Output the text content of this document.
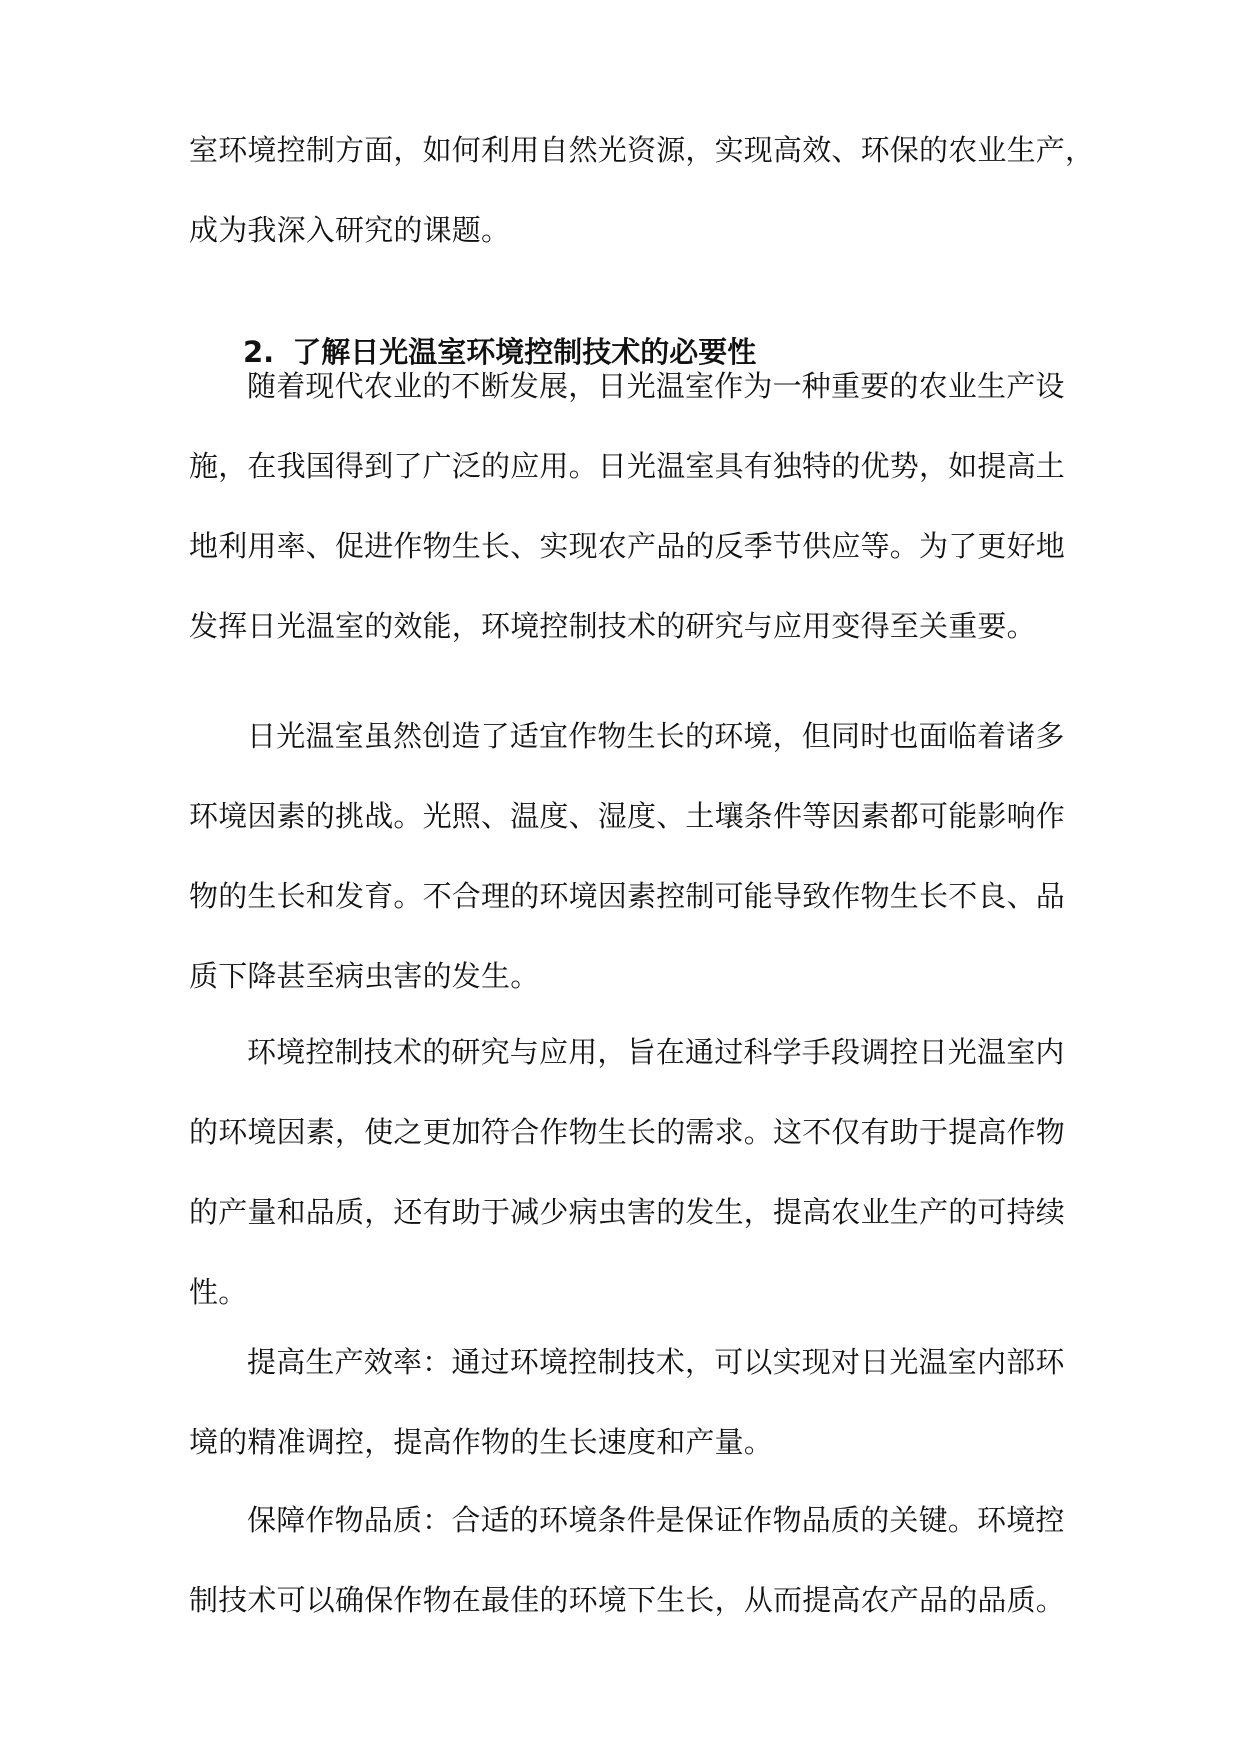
室环境控制方面，如何利用自然光资源，实现高效、环保的农业生产，
成为我深入研究的课题。
2. 了解日光温室环境控制技术的必要性
随着现代农业的不断发展，日光温室作为一种重要的农业生产设
施，在我国得到了广泛的应用。日光温室具有独特的优势，如提高土
地利用率、促进作物生长、实现农产品的反季节供应等。为了更好地
发挥日光温室的效能，环境控制技术的研究与应用变得至关重要。
日光温室虽然创造了适宜作物生长的环境，但同时也面临着诸多
环境因素的挑战。光照、温度、湿度、土壤条件等因素都可能影响作
物的生长和发育。不合理的环境因素控制可能导致作物生长不良、品
质下降甚至病虫害的发生。
环境控制技术的研究与应用，旨在通过科学手段调控日光温室内
的环境因素，使之更加符合作物生长的需求。这不仅有助于提高作物
的产量和品质，还有助于减少病虫害的发生，提高农业生产的可持续
性。
提高生产效率：通过环境控制技术，可以实现对日光温室内部环
境的精准调控，提高作物的生长速度和产量。
保障作物品质：合适的环境条件是保证作物品质的关键。环境控
制技术可以确保作物在最佳的环境下生长，从而提高农产品的品质。
